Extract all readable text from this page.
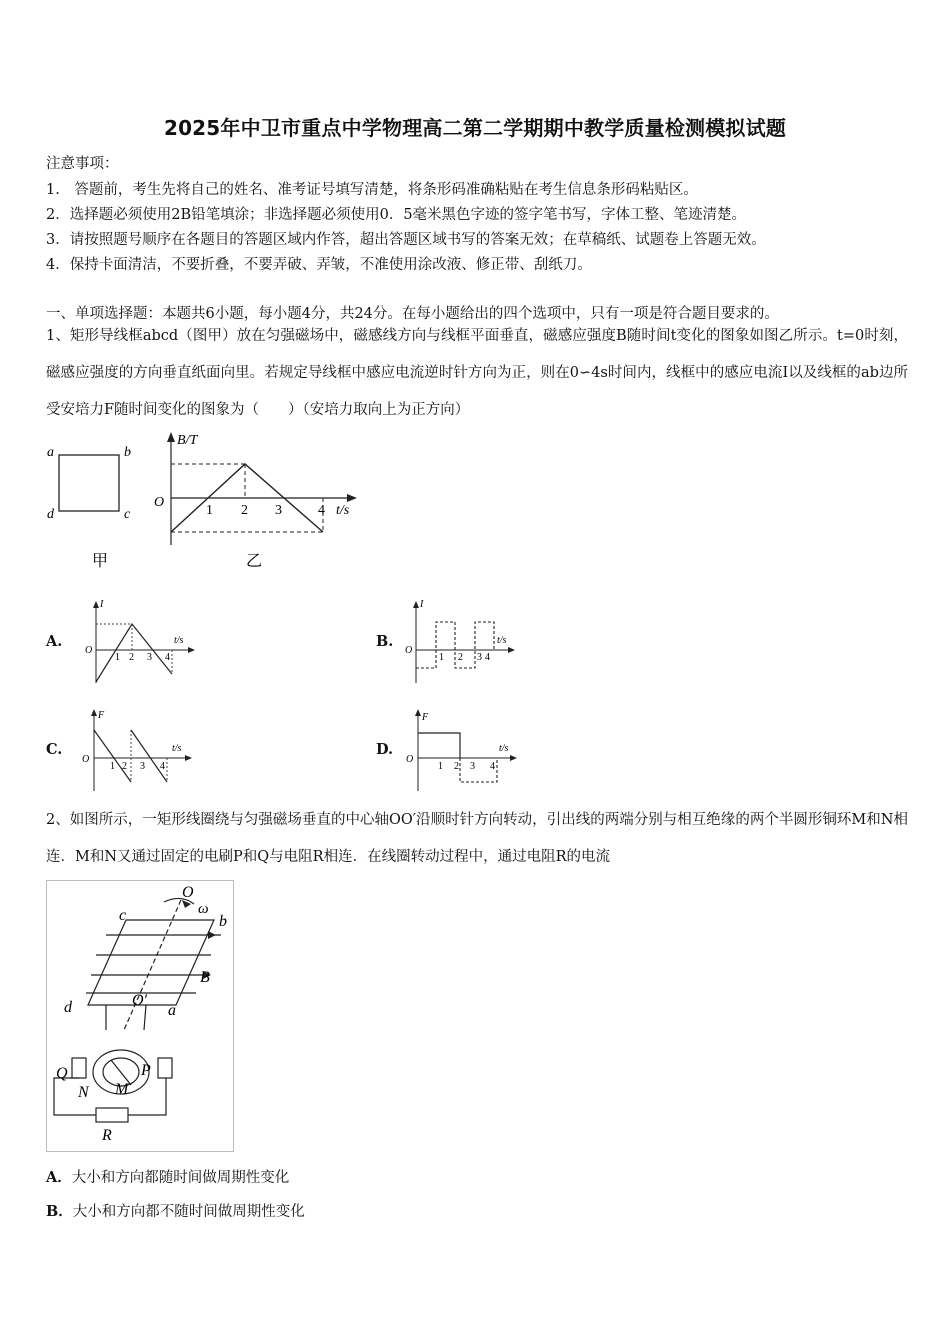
2025年中卫市重点中学物理高二第二学期期中教学质量检测模拟试题
注意事项：
1.　答题前，考生先将自己的姓名、准考证号填写清楚，将条形码准确粘贴在考生信息条形码粘贴区。
2．选择题必须使用2B铅笔填涂；非选择题必须使用0．5毫米黑色字迹的签字笔书写，字体工整、笔迹清楚。
3．请按照题号顺序在各题目的答题区域内作答，超出答题区域书写的答案无效；在草稿纸、试题卷上答题无效。
4．保持卡面清洁，不要折叠，不要弄破、弄皱，不准使用涂改液、修正带、刮纸刀。
一、单项选择题：本题共6小题，每小题4分，共24分。在每小题给出的四个选项中，只有一项是符合题目要求的。
1、矩形导线框abcd（图甲）放在匀强磁场中，磁感线方向与线框平面垂直，磁感应强度B随时间t变化的图象如图乙所示。t=0时刻，磁感应强度的方向垂直纸面向里。若规定导线框中感应电流逆时针方向为正，则在0∽4s时间内，线框中的感应电流I以及线框的ab边所受安培力F随时间变化的图象为（　　）（安培力取向上为正方向）
a	b
d	c
甲
B/T
O
1 2 3	4 t/s
乙
A.
I
O
1 2 3 4
t/s	B.
I
O
1 2 3 4
t/s
C.
F
O
1 2 3 4
t/s	D.
F
O
1 2 3 4
t/s
2、如图所示，一矩形线圈绕与匀强磁场垂直的中心轴OO′沿顺时针方向转动，引出线的两端分别与相互绝缘的两个半圆形铜环M和N相连．M和N又通过固定的电刷P和Q与电阻R相连．在线圈转动过程中，通过电阻R的电流
O
ω
c	b
B
O′
d	a
Q	P
N M
R
A．大小和方向都随时间做周期性变化
B．大小和方向都不随时间做周期性变化
